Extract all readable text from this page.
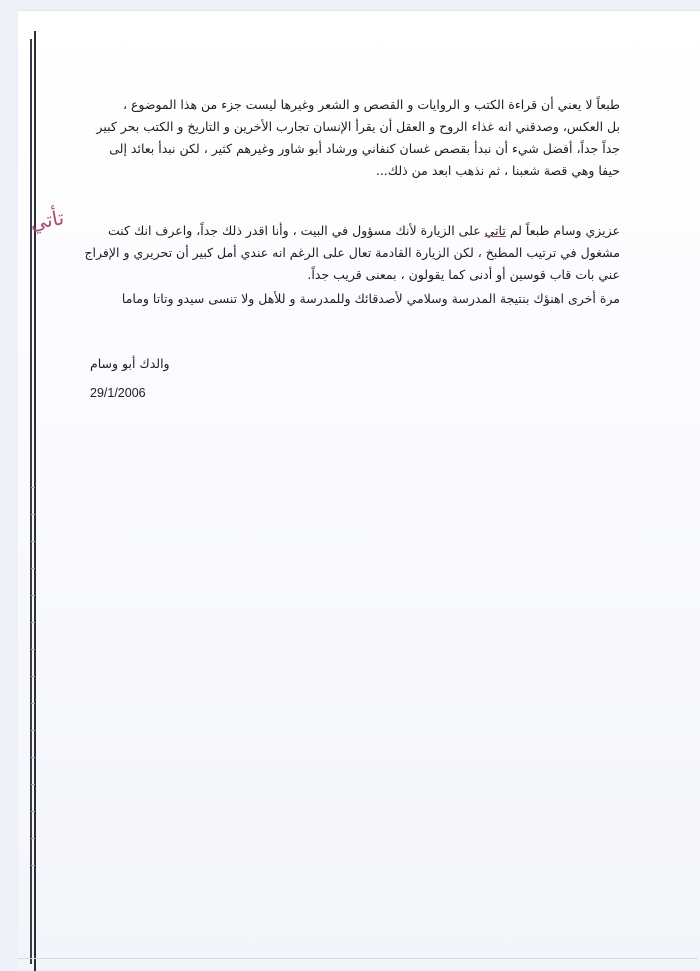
طبعاً لا يعني أن قراءة الكتب و الروايات و القصص و الشعر وغيرها ليست جزء من هذا الموضوع ،
بل العكس، وصدقني انه غذاء الروح و العقل أن يقرأ الإنسان تجارب الأخرين و التاريخ و الكتب بحر كبير
جداً جداً، أفضل شيء أن نبدأ بقصص غسان كنفاني ورشاد أبو شاور وغيرهم كثير ، لكن نبدأ بعائد إلى
حيفا وهي قصة شعبنا ، ثم نذهب ابعد من ذلك...
تأتي	عزيزي وسام طبعاً لم تاتي على الزيارة لأنك مسؤول في البيت ، وأنا اقدر ذلك جداً، واعرف انك كنت
مشغول في ترتيب المطبخ ، لكن الزيارة القادمة تعال على الرغم انه عندي أمل كبير أن تحريري و الإفراج
عني بات قاب قوسين أو أدنى كما يقولون ، بمعنى قريب جداً.
مرة أخرى اهنؤك بنتيجة المدرسة وسلامي لأصدقائك وللمدرسة و للأهل ولا تنسى سيدو وتاتا وماما
والدك أبو وسام
29/1/2006
